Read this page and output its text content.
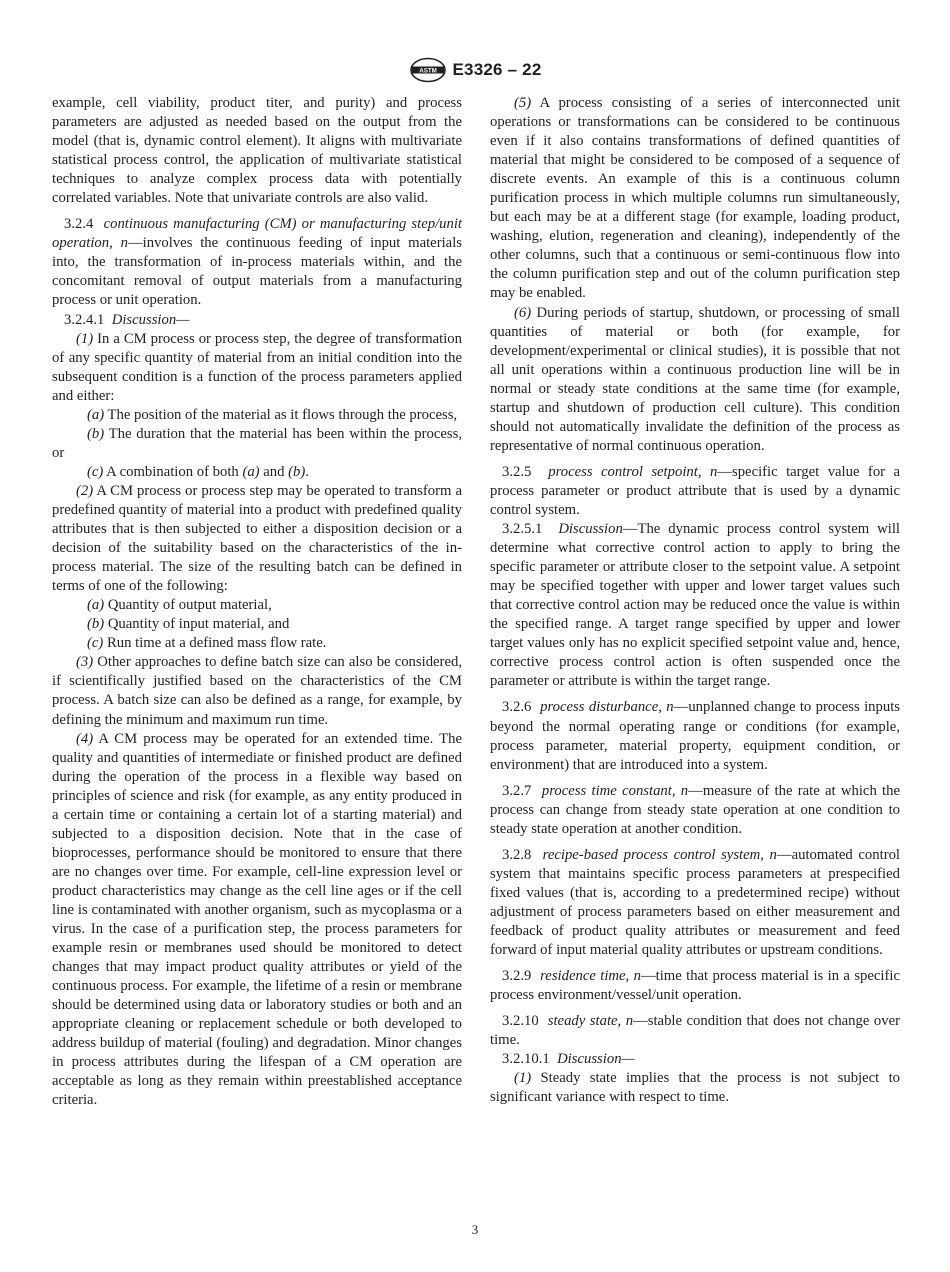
ASTM E3326 – 22

example, cell viability, product titer, and purity) and process parameters are adjusted as needed based on the output from the model (that is, dynamic control element). It aligns with multivariate statistical process control, the application of multivariate statistical techniques to analyze complex process data with potentially correlated variables. Note that univariate controls are also valid.

3.2.4 continuous manufacturing (CM) or manufacturing step/unit operation, n—involves the continuous feeding of input materials into, the transformation of in-process materials within, and the concomitant removal of output materials from a manufacturing process or unit operation.

3.2.4.1 Discussion—

(1) In a CM process or process step, the degree of transformation of any specific quantity of material from an initial condition into the subsequent condition is a function of the process parameters applied and either:

(a) The position of the material as it flows through the process,

(b) The duration that the material has been within the process, or

(c) A combination of both (a) and (b).

(2) A CM process or process step may be operated to transform a predefined quantity of material into a product with predefined quality attributes that is then subjected to either a disposition decision or a decision of the suitability based on the characteristics of the in-process material. The size of the resulting batch can be defined in terms of one of the following:

(a) Quantity of output material,

(b) Quantity of input material, and

(c) Run time at a defined mass flow rate.

(3) Other approaches to define batch size can also be considered, if scientifically justified based on the characteristics of the CM process. A batch size can also be defined as a range, for example, by defining the minimum and maximum run time.

(4) A CM process may be operated for an extended time. The quality and quantities of intermediate or finished product are defined during the operation of the process in a flexible way based on principles of science and risk (for example, as any entity produced in a certain time or containing a certain lot of a starting material) and subjected to a disposition decision. Note that in the case of bioprocesses, performance should be monitored to ensure that there are no changes over time. For example, cell-line expression level or product characteristics may change as the cell line ages or if the cell line is contaminated with another organism, such as mycoplasma or a virus. In the case of a purification step, the process parameters for example resin or membranes used should be monitored to detect changes that may impact product quality attributes or yield of the continuous process. For example, the lifetime of a resin or membrane should be determined using data or laboratory studies or both and an appropriate cleaning or replacement schedule or both developed to address buildup of material (fouling) and degradation. Minor changes in process attributes during the lifespan of a CM operation are acceptable as long as they remain within preestablished acceptance criteria.

(5) A process consisting of a series of interconnected unit operations or transformations can be considered to be continuous even if it also contains transformations of defined quantities of material that might be considered to be composed of a sequence of discrete events. An example of this is a continuous column purification process in which multiple columns run simultaneously, but each may be at a different stage (for example, loading product, washing, elution, regeneration and cleaning), independently of the other columns, such that a continuous or semi-continuous flow into the column purification step and out of the column purification step may be enabled.

(6) During periods of startup, shutdown, or processing of small quantities of material or both (for example, for development/experimental or clinical studies), it is possible that not all unit operations within a continuous production line will be in normal or steady state conditions at the same time (for example, startup and shutdown of production cell culture). This condition should not automatically invalidate the definition of the process as representative of normal continuous operation.

3.2.5 process control setpoint, n—specific target value for a process parameter or product attribute that is used by a dynamic control system.

3.2.5.1 Discussion—The dynamic process control system will determine what corrective control action to apply to bring the specific parameter or attribute closer to the setpoint value. A setpoint may be specified together with upper and lower target values such that corrective control action may be reduced once the value is within the specified range. A target range specified by upper and lower target values only has no explicit specified setpoint value and, hence, corrective process control action is often suspended once the parameter or attribute is within the target range.

3.2.6 process disturbance, n—unplanned change to process inputs beyond the normal operating range or conditions (for example, process parameter, material property, equipment condition, or environment) that are introduced into a system.

3.2.7 process time constant, n—measure of the rate at which the process can change from steady state operation at one condition to steady state operation at another condition.

3.2.8 recipe-based process control system, n—automated control system that maintains specific process parameters at prespecified fixed values (that is, according to a predetermined recipe) without adjustment of process parameters based on either measurement and feedback of product quality attributes or measurement and feed forward of input material quality attributes or upstream conditions.

3.2.9 residence time, n—time that process material is in a specific process environment/vessel/unit operation.

3.2.10 steady state, n—stable condition that does not change over time.

3.2.10.1 Discussion—

(1) Steady state implies that the process is not subject to significant variance with respect to time.

3
